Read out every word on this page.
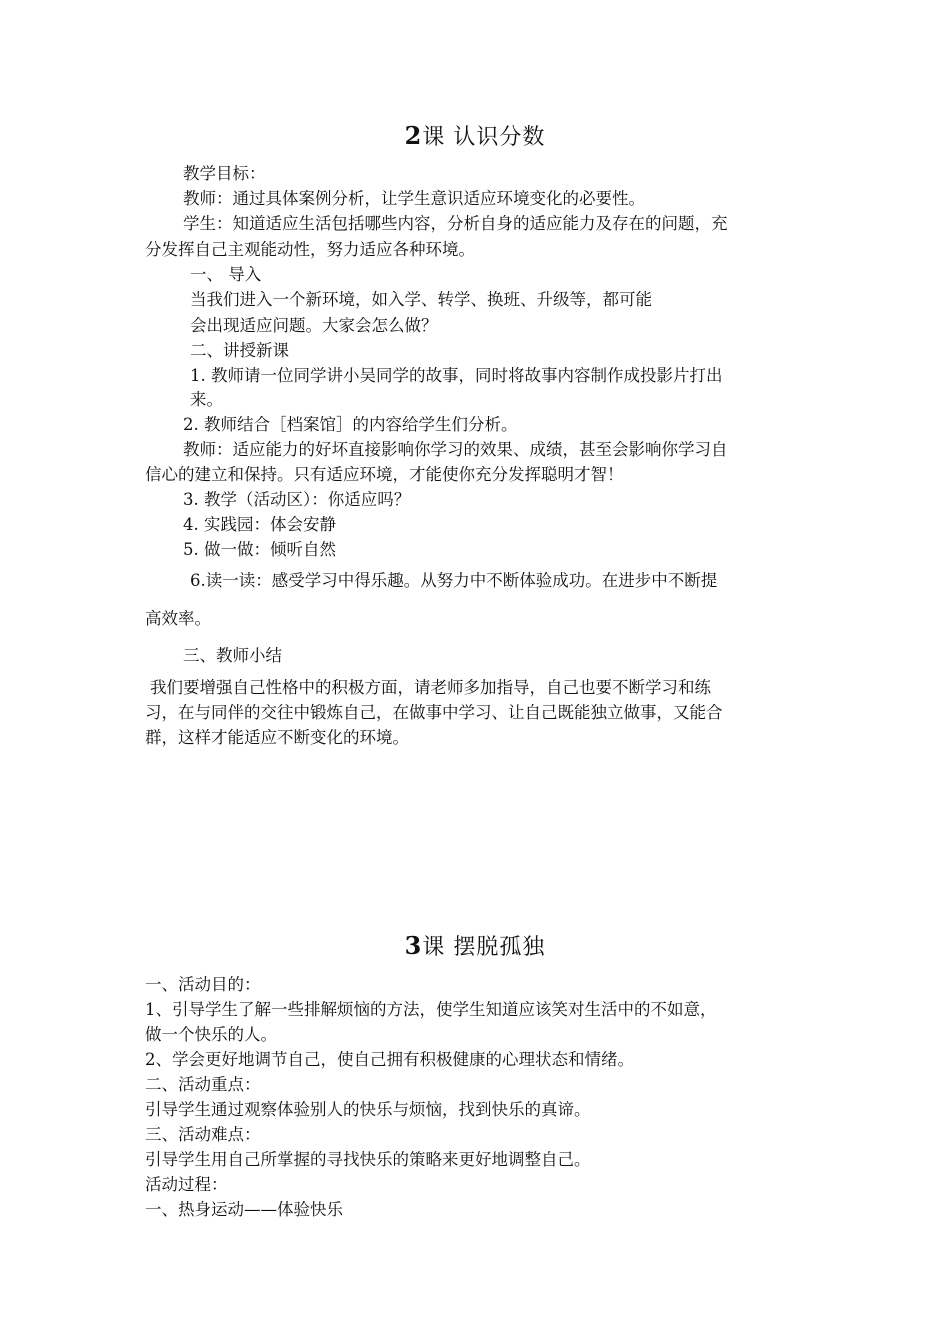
2课 认识分数
教学目标：
教师：通过具体案例分析，让学生意识适应环境变化的必要性。
学生：知道适应生活包括哪些内容，分析自身的适应能力及存在的问题，充
分发挥自己主观能动性，努力适应各种环境。
一、 导入
当我们进入一个新环境，如入学、转学、换班、升级等，都可能
会出现适应问题。大家会怎么做？
二、讲授新课
1. 教师请一位同学讲小吴同学的故事，同时将故事内容制作成投影片打出
来。
2. 教师结合［档案馆］的内容给学生们分析。
教师：适应能力的好坏直接影响你学习的效果、成绩，甚至会影响你学习自
信心的建立和保持。只有适应环境，才能使你充分发挥聪明才智！
3. 教学（活动区）：你适应吗？
4. 实践园：体会安静
5. 做一做：倾听自然
6.读一读：感受学习中得乐趣。从努力中不断体验成功。在进步中不断提
高效率。
三、教师小结
我们要增强自己性格中的积极方面，请老师多加指导，自己也要不断学习和练
习，在与同伴的交往中锻炼自己，在做事中学习、让自己既能独立做事，又能合
群，这样才能适应不断变化的环境。
3课 摆脱孤独
一、活动目的：
1、引导学生了解一些排解烦恼的方法，使学生知道应该笑对生活中的不如意，
做一个快乐的人。
2、学会更好地调节自己，使自己拥有积极健康的心理状态和情绪。
二、活动重点：
引导学生通过观察体验别人的快乐与烦恼，找到快乐的真谛。
三、活动难点：
引导学生用自己所掌握的寻找快乐的策略来更好地调整自己。
活动过程：
一、热身运动——体验快乐
